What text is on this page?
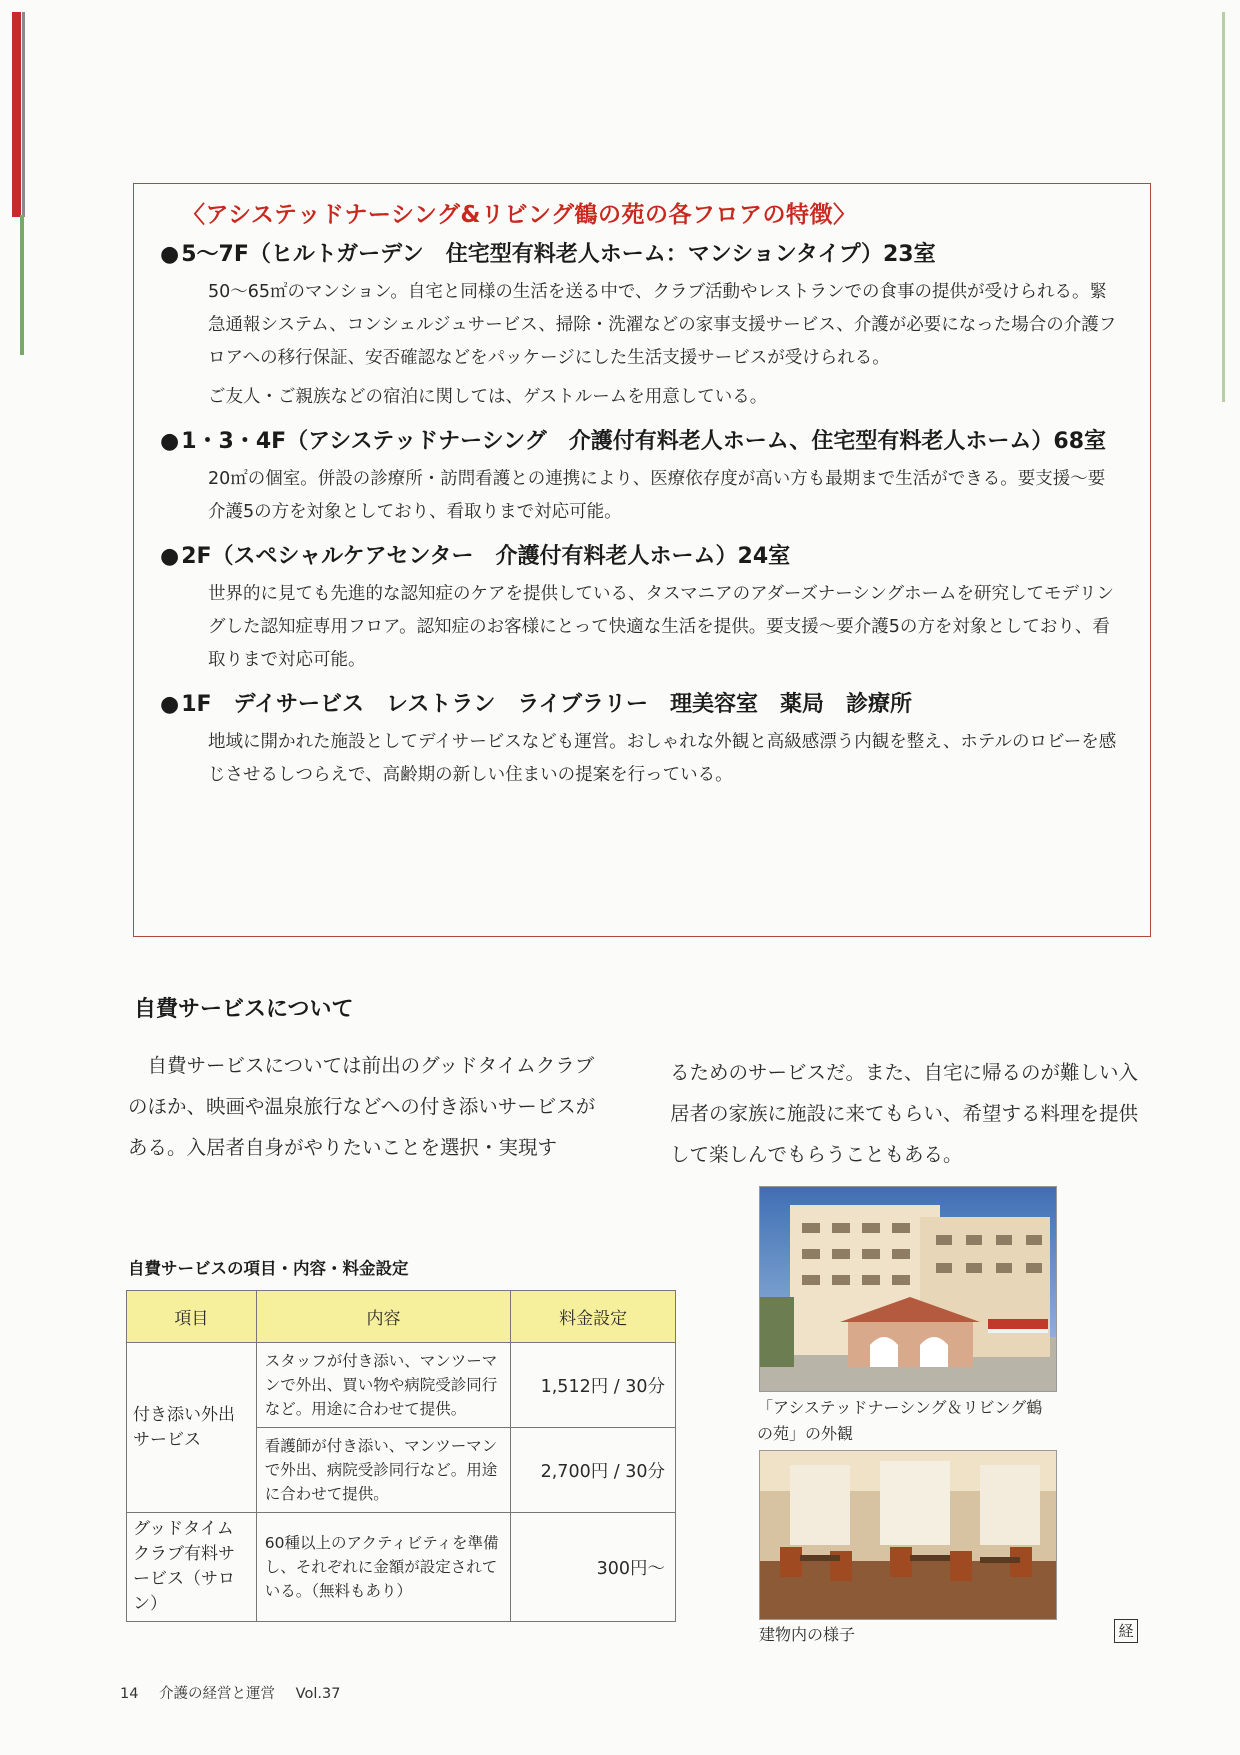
〈アシステッドナーシング&リビング鶴の苑の各フロアの特徴〉
●5〜7F（ヒルトガーデン　住宅型有料老人ホーム：マンションタイプ）23室

50〜65㎡のマンション。自宅と同様の生活を送る中で、クラブ活動やレストランでの食事の提供が受けられる。緊急通報システム、コンシェルジュサービス、掃除・洗濯などの家事支援サービス、介護が必要になった場合の介護フロアへの移行保証、安否確認などをパッケージにした生活支援サービスが受けられる。

ご友人・ご親族などの宿泊に関しては、ゲストルームを用意している。

●1・3・4F（アシステッドナーシング　介護付有料老人ホーム、住宅型有料老人ホーム）68室

20㎡の個室。併設の診療所・訪問看護との連携により、医療依存度が高い方も最期まで生活ができる。要支援〜要介護5の方を対象としており、看取りまで対応可能。

●2F（スペシャルケアセンター　介護付有料老人ホーム）24室

世界的に見ても先進的な認知症のケアを提供している、タスマニアのアダーズナーシングホームを研究してモデリングした認知症専用フロア。認知症のお客様にとって快適な生活を提供。要支援〜要介護5の方を対象としており、看取りまで対応可能。

●1F　デイサービス　レストラン　ライブラリー　理美容室　薬局　診療所

地域に開かれた施設としてデイサービスなども運営。おしゃれな外観と高級感漂う内観を整え、ホテルのロビーを感じさせるしつらえで、高齢期の新しい住まいの提案を行っている。

自費サービスについて

自費サービスについては前出のグッドタイムクラブのほか、映画や温泉旅行などへの付き添いサービスがある。入居者自身がやりたいことを選択・実現す

るためのサービスだ。また、自宅に帰るのが難しい入居者の家族に施設に来てもらい、希望する料理を提供して楽しんでもらうこともある。

自費サービスの項目・内容・料金設定
項目	内容	料金設定
付き添い外出サービス	スタッフが付き添い、マンツーマンで外出、買い物や病院受診同行など。用途に合わせて提供。	1,512円 / 30分
	看護師が付き添い、マンツーマンで外出、病院受診同行など。用途に合わせて提供。	2,700円 / 30分
グッドタイムクラブ有料サービス（サロン）	60種以上のアクティビティを準備し、それぞれに金額が設定されている。（無料もあり）	300円〜
「アシステッドナーシング＆リビング鶴の苑」の外観
建物内の様子
14 介護の経営と運営 Vol.37
経
